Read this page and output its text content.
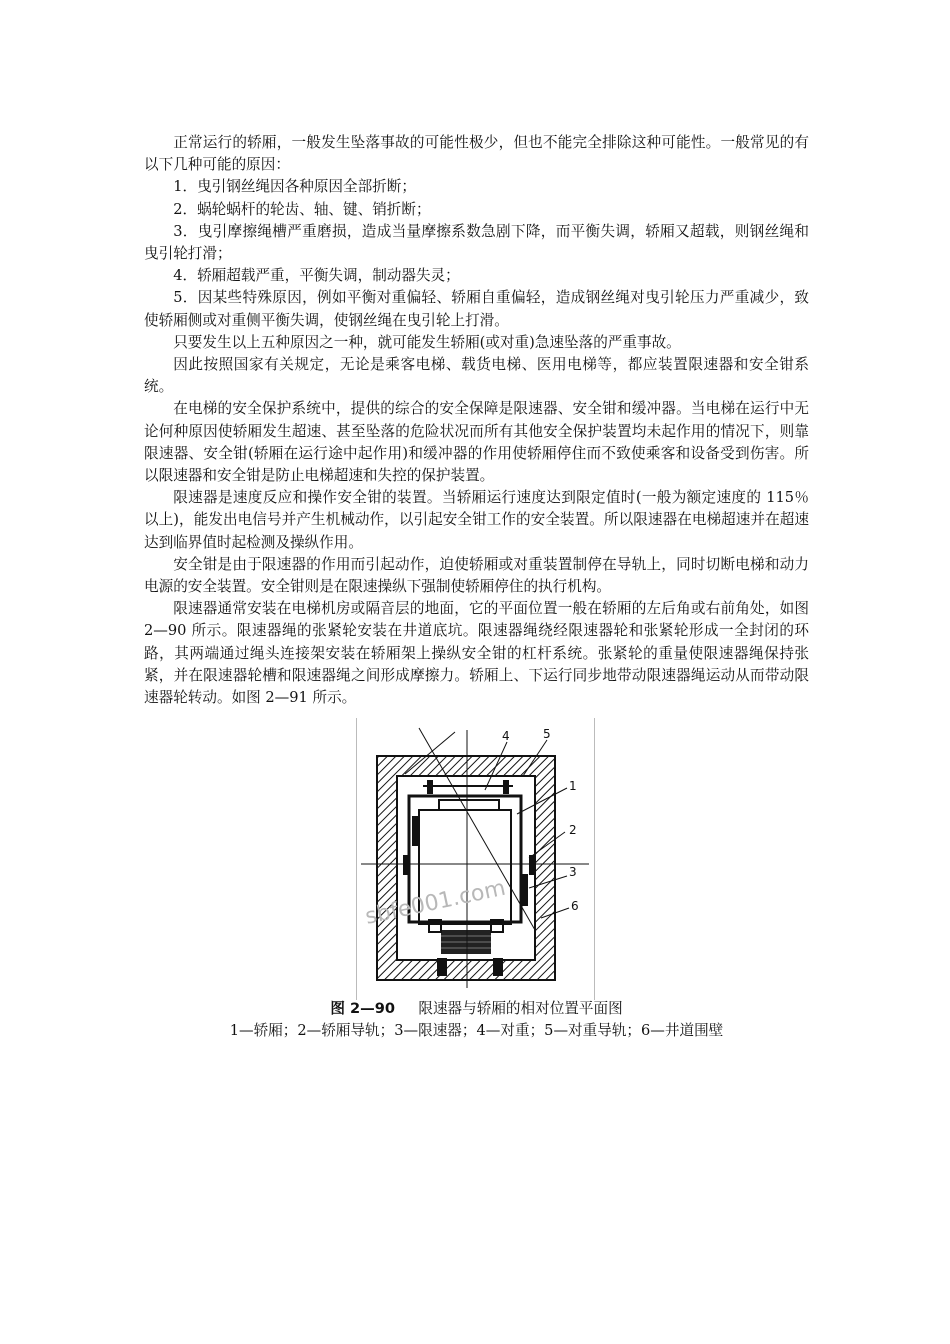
正常运行的轿厢，一般发生坠落事故的可能性极少，但也不能完全排除这种可能性。一般常见的有以下几种可能的原因：

1．曳引钢丝绳因各种原因全部折断；

2．蜗轮蜗杆的轮齿、轴、键、销折断；

3．曳引摩擦绳槽严重磨损，造成当量摩擦系数急剧下降，而平衡失调，轿厢又超载，则钢丝绳和曳引轮打滑；

4．轿厢超载严重，平衡失调，制动器失灵；

5．因某些特殊原因，例如平衡对重偏轻、轿厢自重偏轻，造成钢丝绳对曳引轮压力严重减少，致使轿厢侧或对重侧平衡失调，使钢丝绳在曳引轮上打滑。

只要发生以上五种原因之一种，就可能发生轿厢(或对重)急速坠落的严重事故。

因此按照国家有关规定，无论是乘客电梯、载货电梯、医用电梯等，都应装置限速器和安全钳系统。

在电梯的安全保护系统中，提供的综合的安全保障是限速器、安全钳和缓冲器。当电梯在运行中无论何种原因使轿厢发生超速、甚至坠落的危险状况而所有其他安全保护装置均未起作用的情况下，则靠限速器、安全钳(轿厢在运行途中起作用)和缓冲器的作用使轿厢停住而不致使乘客和设备受到伤害。所以限速器和安全钳是防止电梯超速和失控的保护装置。

限速器是速度反应和操作安全钳的装置。当轿厢运行速度达到限定值时(一般为额定速度的 115％以上)，能发出电信号并产生机械动作，以引起安全钳工作的安全装置。所以限速器在电梯超速并在超速达到临界值时起检测及操纵作用。

安全钳是由于限速器的作用而引起动作，迫使轿厢或对重装置制停在导轨上，同时切断电梯和动力电源的安全装置。安全钳则是在限速操纵下强制使轿厢停住的执行机构。

限速器通常安装在电梯机房或隔音层的地面，它的平面位置一般在轿厢的左后角或右前角处，如图 2—90 所示。限速器绳的张紧轮安装在井道底坑。限速器绳绕经限速器轮和张紧轮形成一全封闭的环路，其两端通过绳头连接架安装在轿厢架上操纵安全钳的杠杆系统。张紧轮的重量使限速器绳保持张紧，并在限速器轮槽和限速器绳之间形成摩擦力。轿厢上、下运行同步地带动限速器绳运动从而带动限速器轮转动。如图 2—91 所示。

4	5
1
2
3
6
sbfe001.com
图 2—90 限速器与轿厢的相对位置平面图
1—轿厢；2—轿厢导轨；3—限速器；4—对重；5—对重导轨；6—井道围壁
